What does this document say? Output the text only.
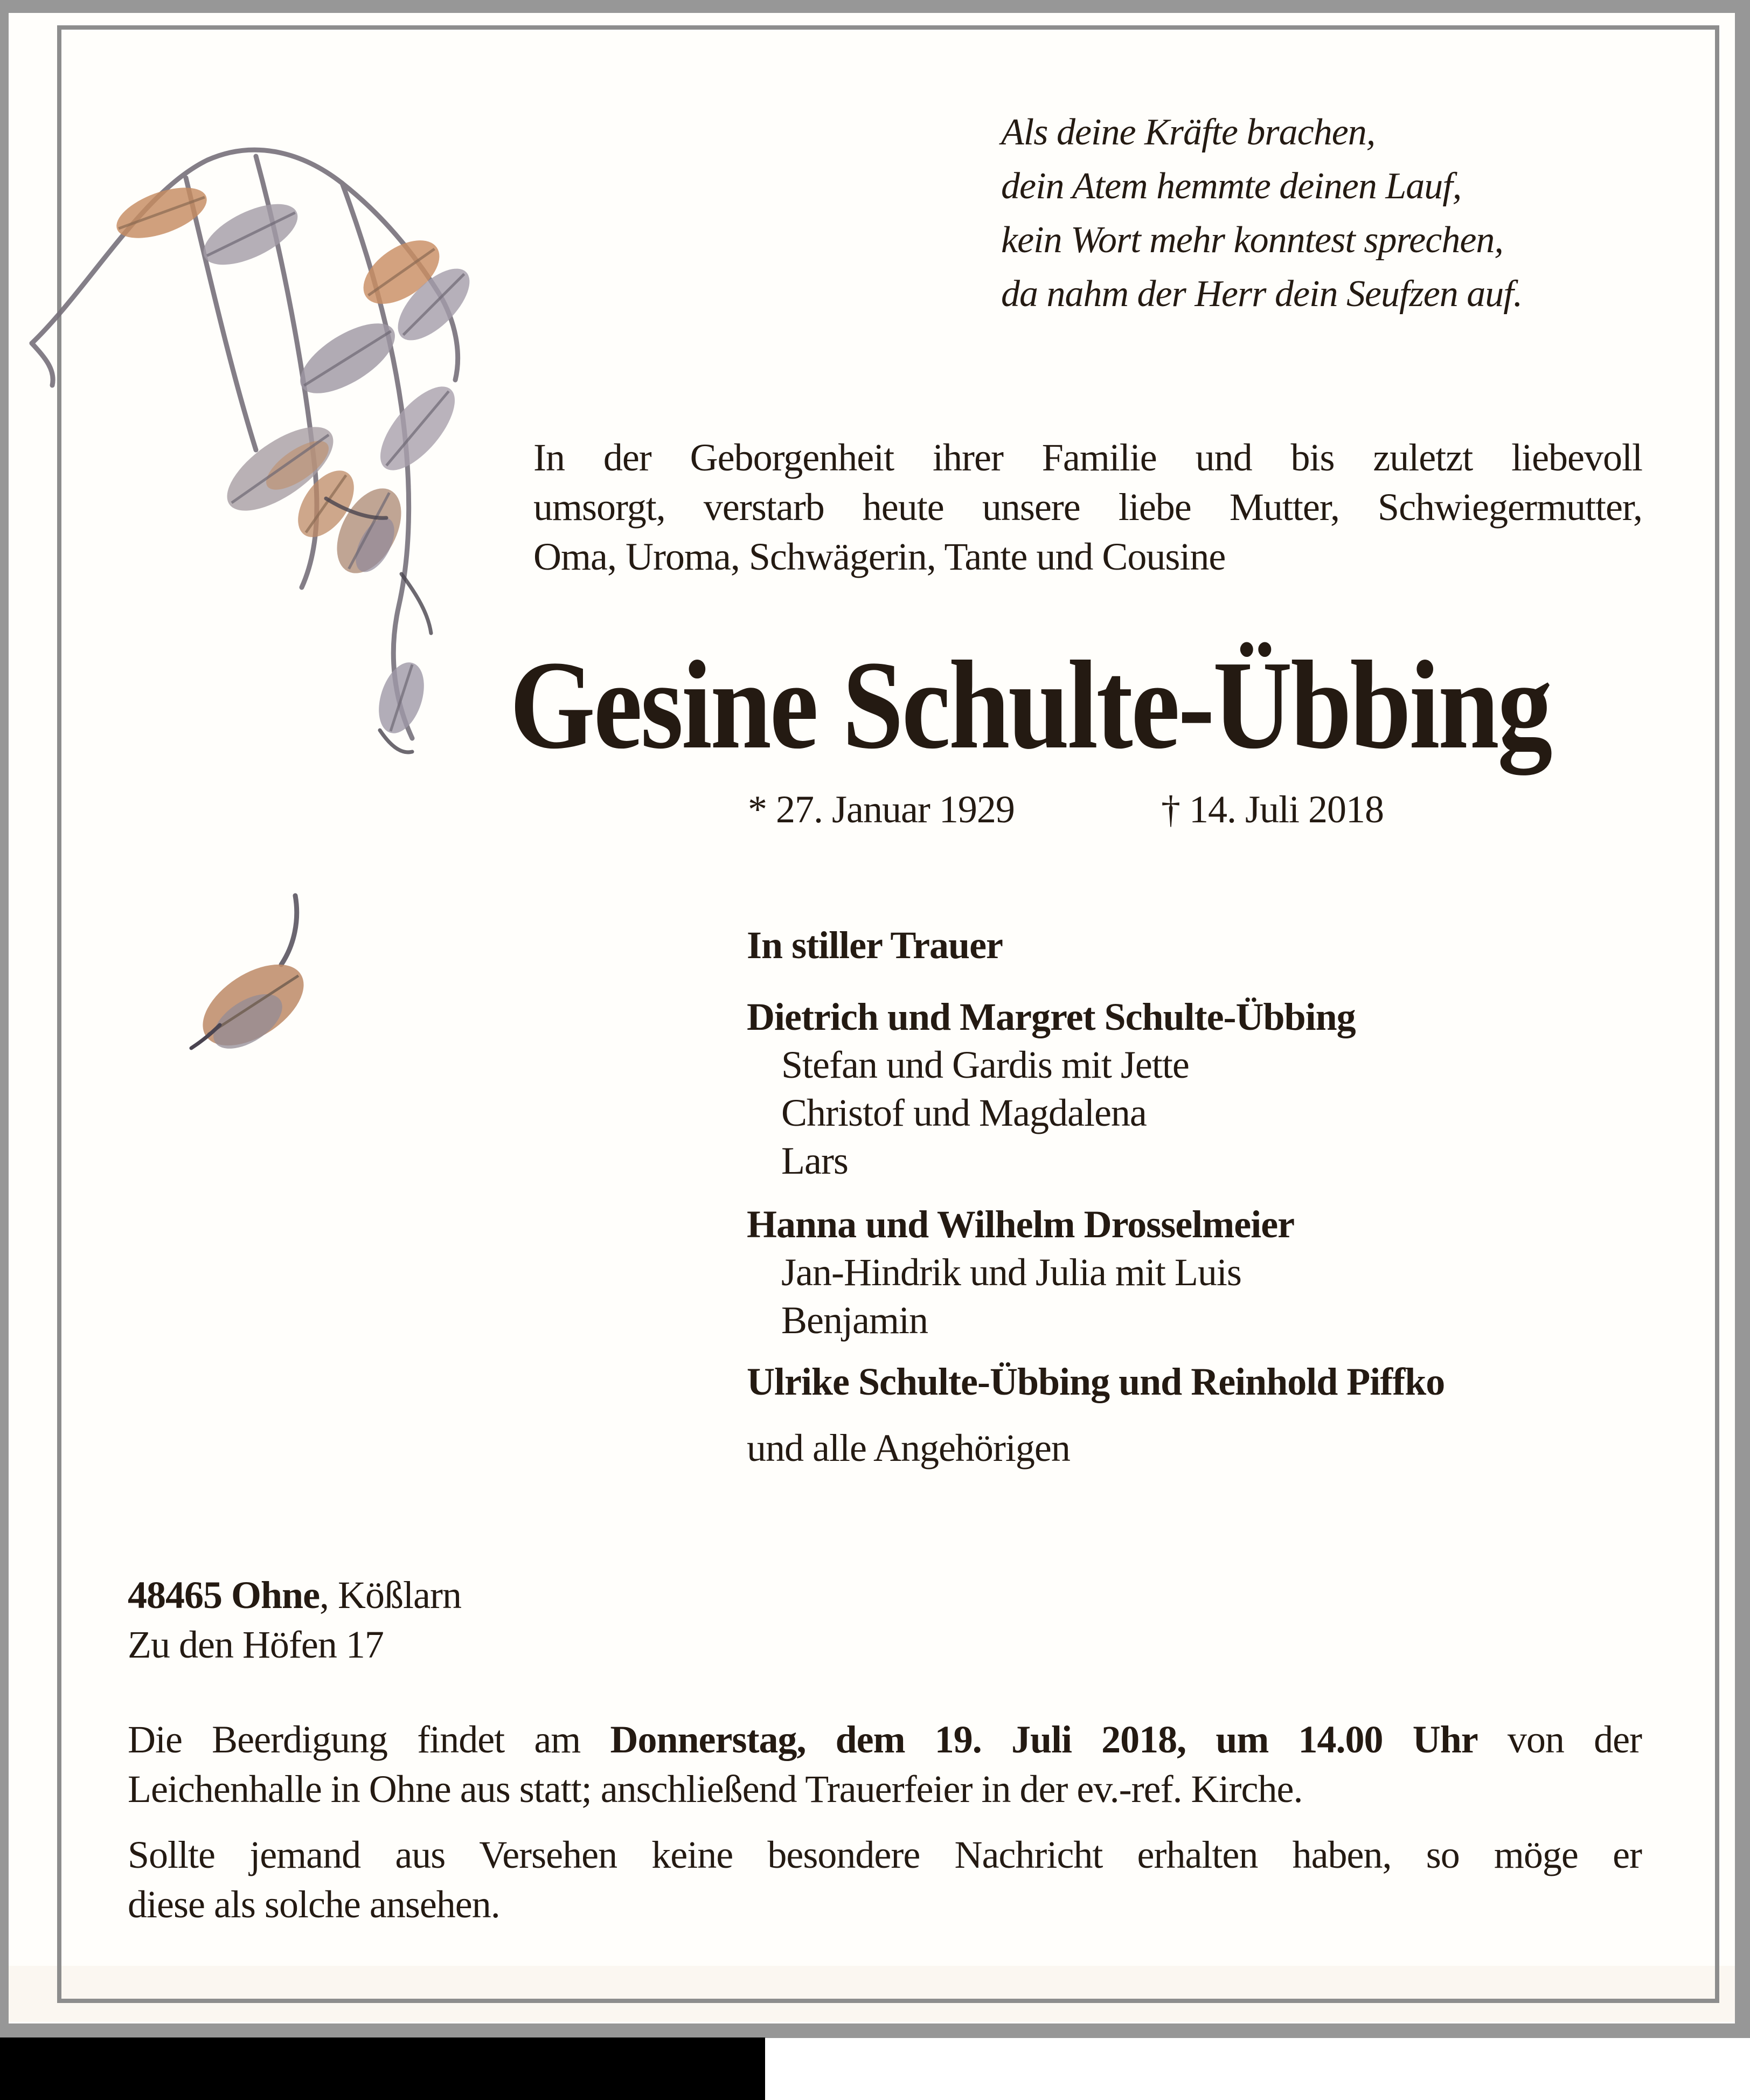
Als deine Kräfte brachen,
dein Atem hemmte deinen Lauf,
kein Wort mehr konntest sprechen,
da nahm der Herr dein Seufzen auf.
In der Geborgenheit ihrer Familie und bis zuletzt liebevoll
umsorgt, verstarb heute unsere liebe Mutter, Schwiegermutter,
Oma, Uroma, Schwägerin, Tante und Cousine
Gesine Schulte-Übbing
* 27. Januar 1929	† 14. Juli 2018
In stiller Trauer
Dietrich und Margret Schulte-Übbing
Stefan und Gardis mit Jette
Christof und Magdalena
Lars
Hanna und Wilhelm Drosselmeier
Jan-Hindrik und Julia mit Luis
Benjamin
Ulrike Schulte-Übbing und Reinhold Piffko
und alle Angehörigen
48465 Ohne, Kößlarn
Zu den Höfen 17
Die Beerdigung findet am Donnerstag, dem 19. Juli 2018, um 14.00 Uhr von der
Leichenhalle in Ohne aus statt; anschließend Trauerfeier in der ev.-ref. Kirche.
Sollte jemand aus Versehen keine besondere Nachricht erhalten haben, so möge er
diese als solche ansehen.
